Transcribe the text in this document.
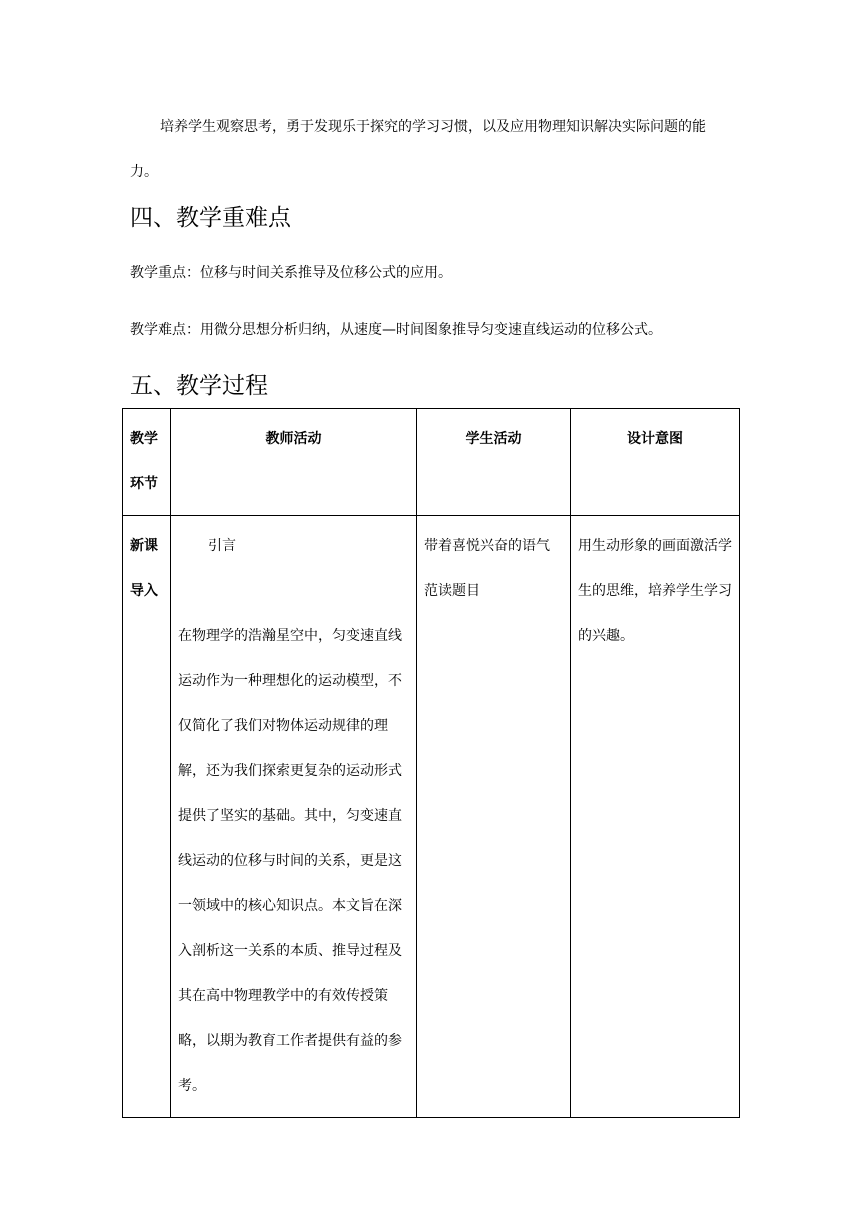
培养学生观察思考，勇于发现乐于探究的学习习惯，以及应用物理知识解决实际问题的能力。

四、教学重难点

教学重点：位移与时间关系推导及位移公式的应用。

教学难点：用微分思想分析归纳，从速度—时间图象推导匀变速直线运动的位移公式。

五、教学过程
教学环节	教师活动	学生活动	设计意图
新课导入	引言
在物理学的浩瀚星空中，匀变速直线运动作为一种理想化的运动模型，不仅简化了我们对物体运动规律的理解，还为我们探索更复杂的运动形式提供了坚实的基础。其中，匀变速直线运动的位移与时间的关系，更是这一领域中的核心知识点。本文旨在深入剖析这一关系的本质、推导过程及其在高中物理教学中的有效传授策略，以期为教育工作者提供有益的参考。	带着喜悦兴奋的语气范读题目	用生动形象的画面激活学生的思维，培养学生学习的兴趣。
